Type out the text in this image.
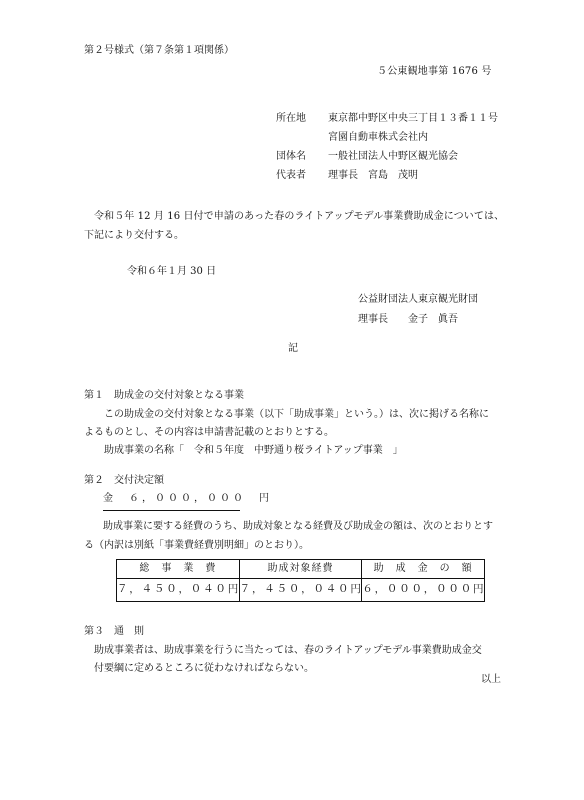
第２号様式（第７条第１項関係）
５公東観地事第 1676 号
所在地	東京都中野区中央三丁目１３番１１号
宮園自動車株式会社内
団体名	一般社団法人中野区観光協会
代表者	理事長　宮島　茂明
令和５年 12 月 16 日付で申請のあった春のライトアップモデル事業費助成金については、
下記により交付する。
令和６年１月 30 日
公益財団法人東京観光財団
理事長　　金子　眞吾
記
第１　助成金の交付対象となる事業
この助成金の交付対象となる事業（以下「助成事業」という。）は、次に掲げる名称に
よるものとし、その内容は申請書記載のとおりとする。
助成事業の名称「　令和５年度　中野通り桜ライトアップ事業　」
第２　交付決定額
金　６，０００，０００　円
助成事業に要する経費のうち、助成対象となる経費及び助成金の額は、次のとおりとす
る（内訳は別紙「事業費経費別明細」のとおり）。
総　事　業　費	助成対象経費	助　成　金　の　額
７，４５０，０４０円	７，４５０，０４０円	６，０００，０００円
第３　通　則
助成事業者は、助成事業を行うに当たっては、春のライトアップモデル事業費助成金交
付要綱に定めるところに従わなければならない。
以上
